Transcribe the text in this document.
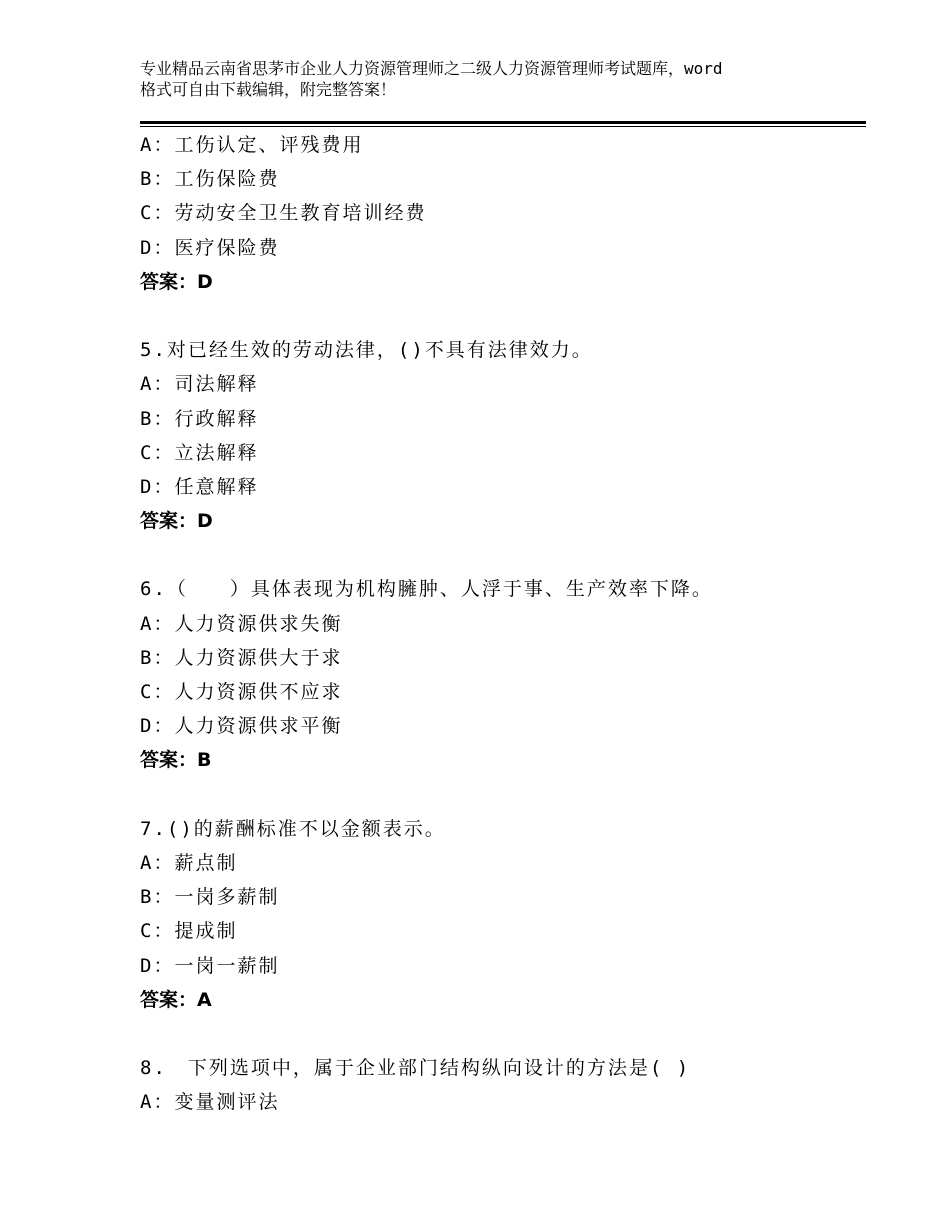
专业精品云南省思茅市企业人力资源管理师之二级人力资源管理师考试题库，word
格式可自由下载编辑，附完整答案！
A：工伤认定、评残费用
B：工伤保险费
C：劳动安全卫生教育培训经费
D：医疗保险费
答案：D
5.对已经生效的劳动法律，()不具有法律效力。
A：司法解释
B：行政解释
C：立法解释
D：任意解释
答案：D
6.（　　）具体表现为机构臃肿、人浮于事、生产效率下降。
A：人力资源供求失衡
B：人力资源供大于求
C：人力资源供不应求
D：人力资源供求平衡
答案：B
7.()的薪酬标准不以金额表示。
A：薪点制
B：一岗多薪制
C：提成制
D：一岗一薪制
答案：A
8.　下列选项中，属于企业部门结构纵向设计的方法是( )
A：变量测评法
